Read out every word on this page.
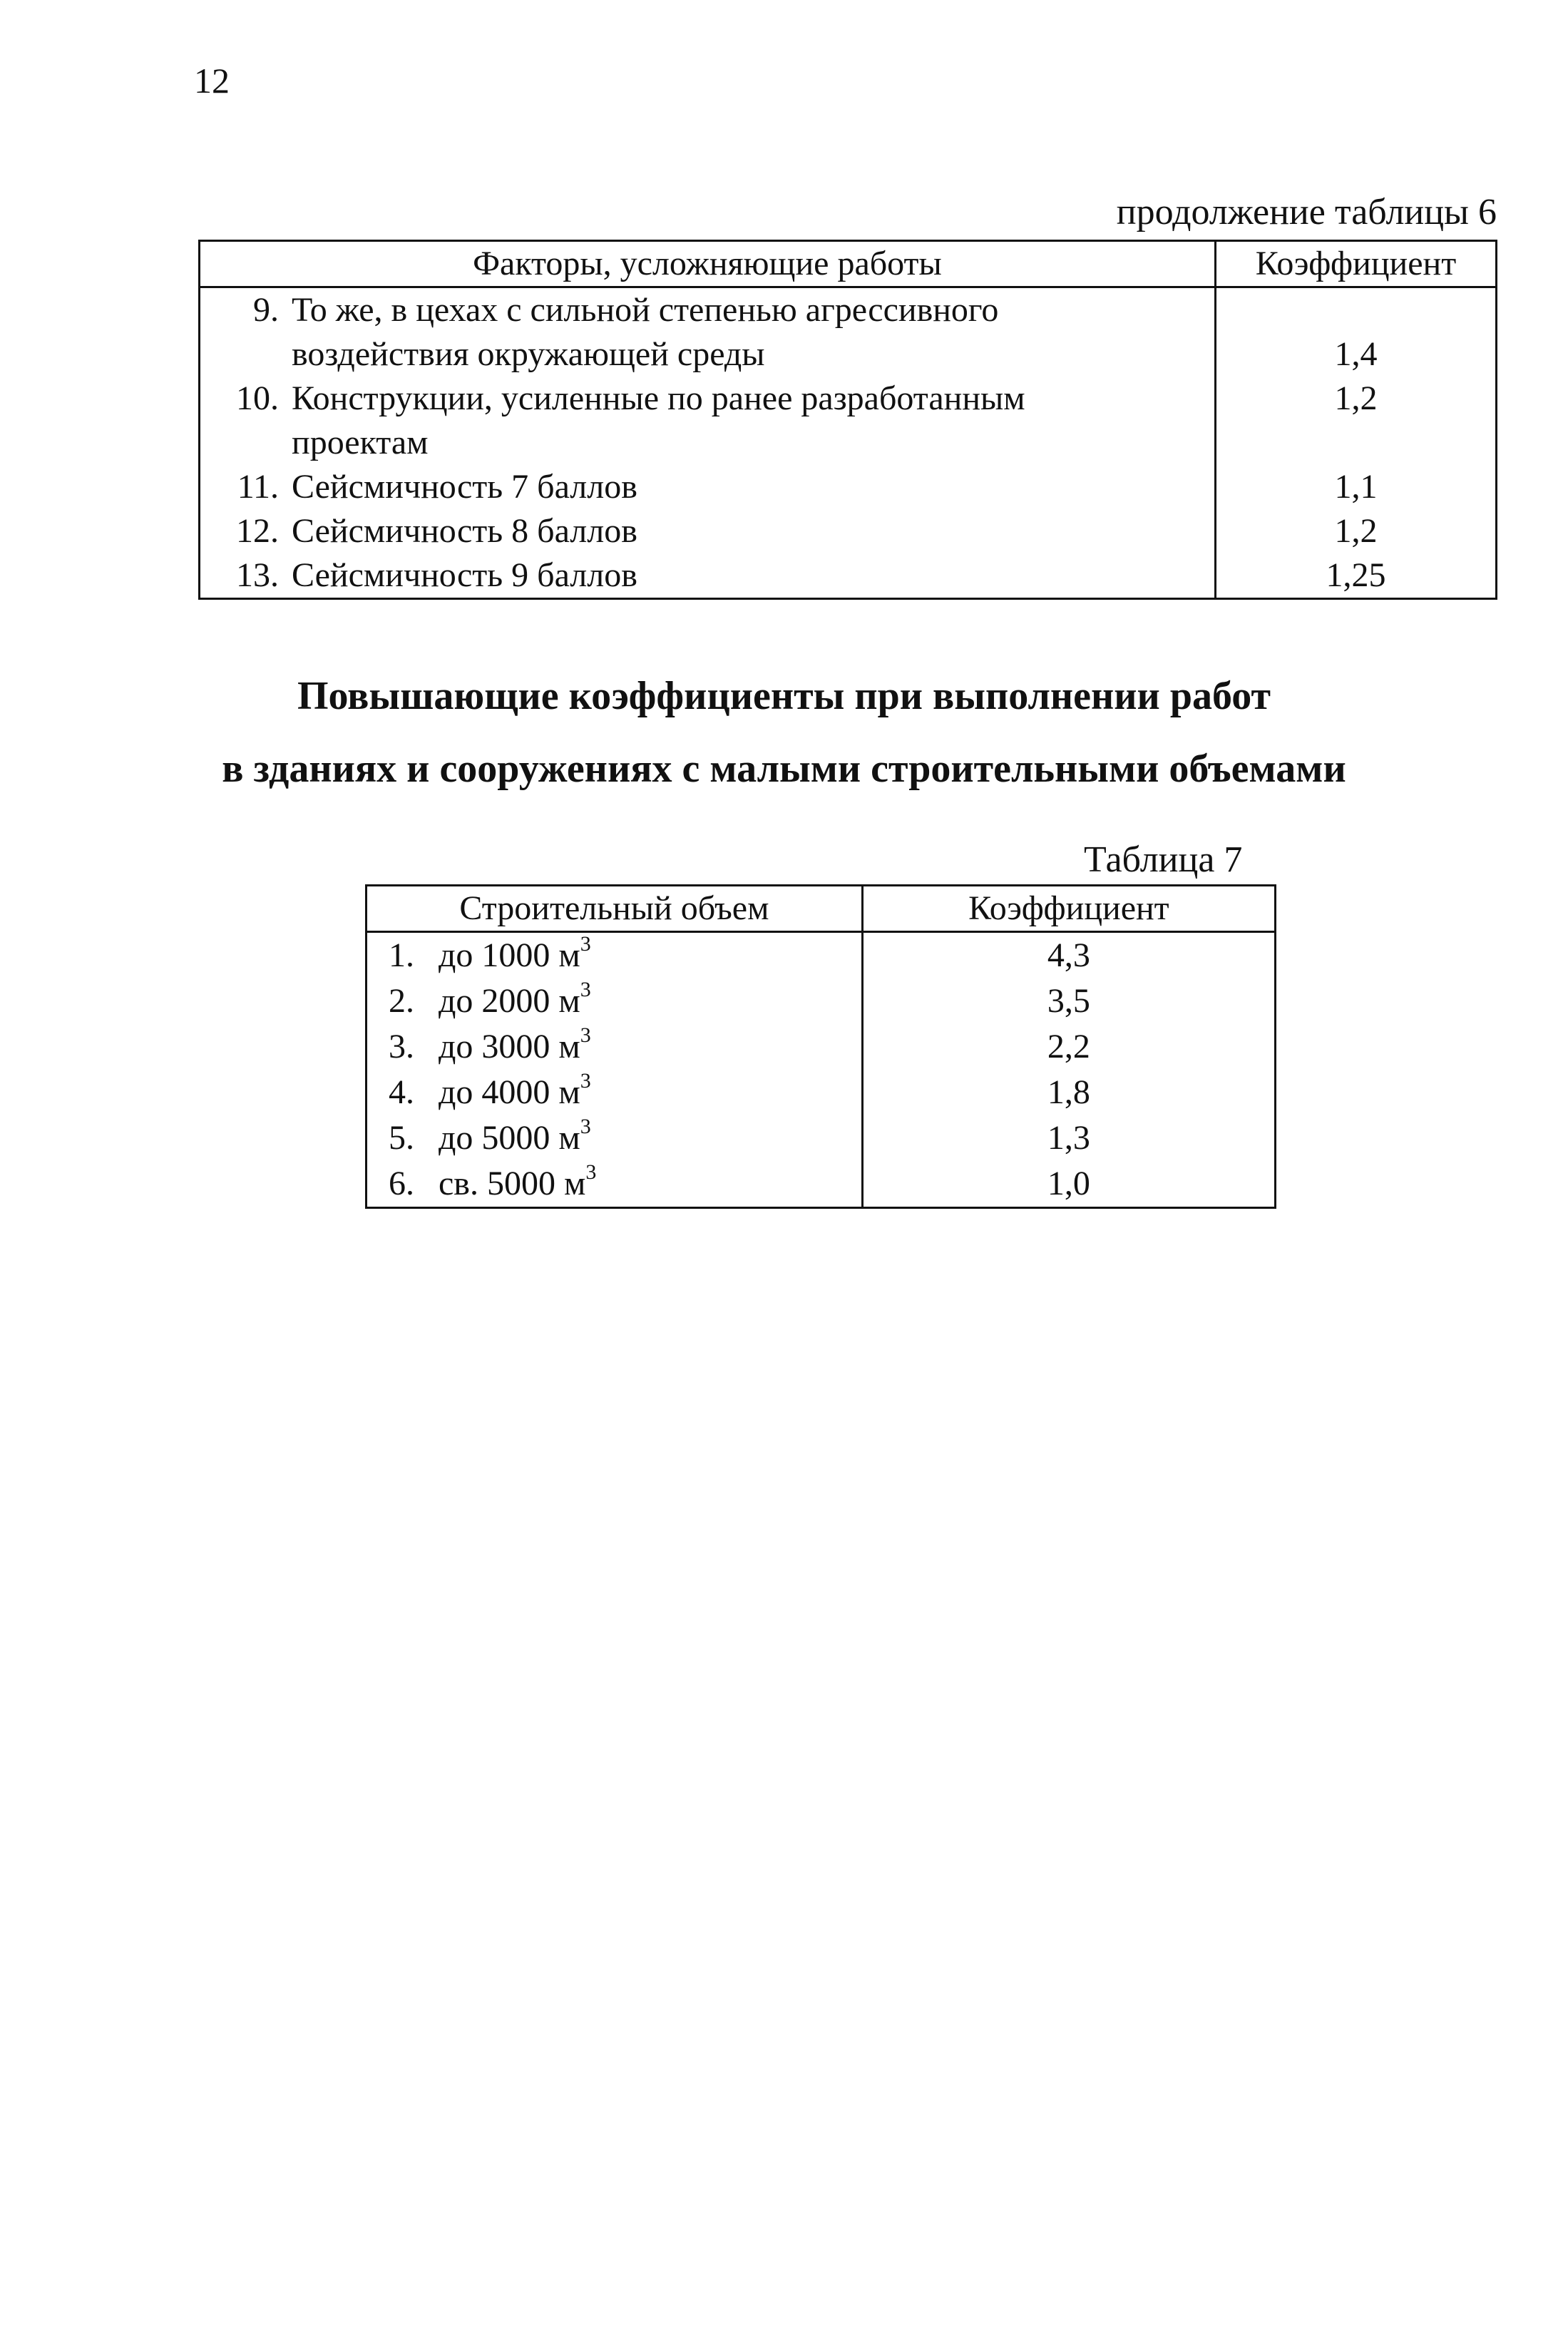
12
продолжение таблицы 6
Факторы, усложняющие работы	Коэффициент

9. То же, в цехах с сильной степенью агрессивного
воздействия окружающей среды	1,4

10. Конструкции, усиленные по ранее разработанным
проектам	1,2

11. Сейсмичность 7 баллов	1,1

12. Сейсмичность 8 баллов	1,2

13. Сейсмичность 9 баллов	1,25
Повышающие коэффициенты при выполнении работ
в зданиях и сооружениях с малыми строительными объемами
Таблица 7
Строительный объем	Коэффициент
1. до 1000 $м^3$	4,3
2. до 2000 $м^3$	3,5
3. до 3000 $м^3$	2,2
4. до 4000 $м^3$	1,8
5. до 5000 $м^3$	1,3
6. св. 5000 $м^3$	1,0
